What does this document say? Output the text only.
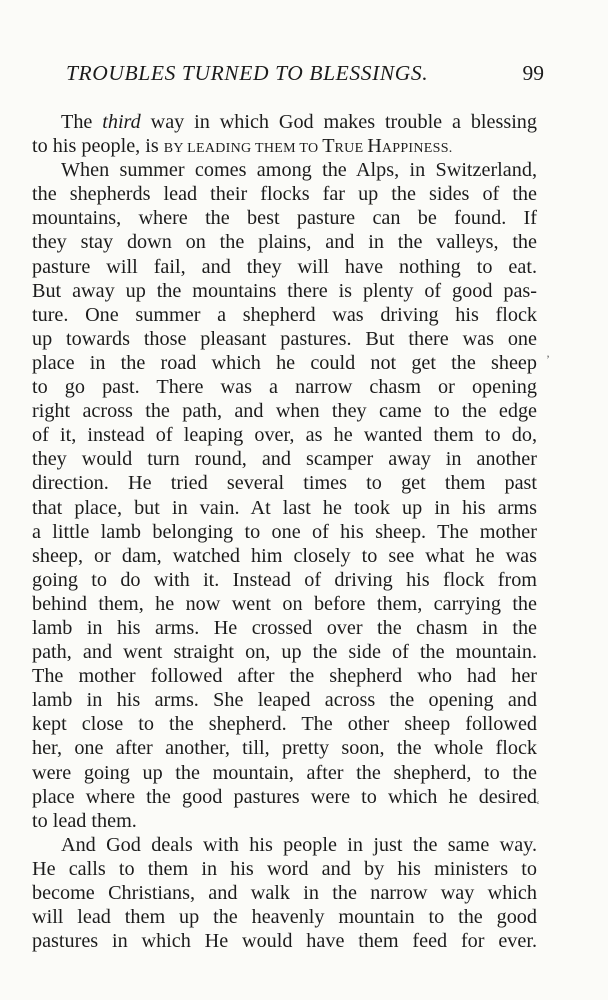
TROUBLES TURNED TO BLESSINGS.	99
The third way in which God makes trouble a blessing
to his people, is BY LEADING THEM TO TRUE HAPPINESS.
When summer comes among the Alps, in Switzerland,
the shepherds lead their flocks far up the sides of the
mountains, where the best pasture can be found. If
they stay down on the plains, and in the valleys, the
pasture will fail, and they will have nothing to eat.
But away up the mountains there is plenty of good pas-
ture. One summer a shepherd was driving his flock
up towards those pleasant pastures. But there was one
place in the road which he could not get the sheep
to go past. There was a narrow chasm or opening
right across the path, and when they came to the edge
of it, instead of leaping over, as he wanted them to do,
they would turn round, and scamper away in another
direction. He tried several times to get them past
that place, but in vain. At last he took up in his arms
a little lamb belonging to one of his sheep. The mother
sheep, or dam, watched him closely to see what he was
going to do with it. Instead of driving his flock from
behind them, he now went on before them, carrying the
lamb in his arms. He crossed over the chasm in the
path, and went straight on, up the side of the mountain.
The mother followed after the shepherd who had her
lamb in his arms. She leaped across the opening and
kept close to the shepherd. The other sheep followed
her, one after another, till, pretty soon, the whole flock
were going up the mountain, after the shepherd, to the
place where the good pastures were to which he desired
to lead them.
And God deals with his people in just the same way.
He calls to them in his word and by his ministers to
become Christians, and walk in the narrow way which
will lead them up the heavenly mountain to the good
pastures in which He would have them feed for ever.
’
‘
